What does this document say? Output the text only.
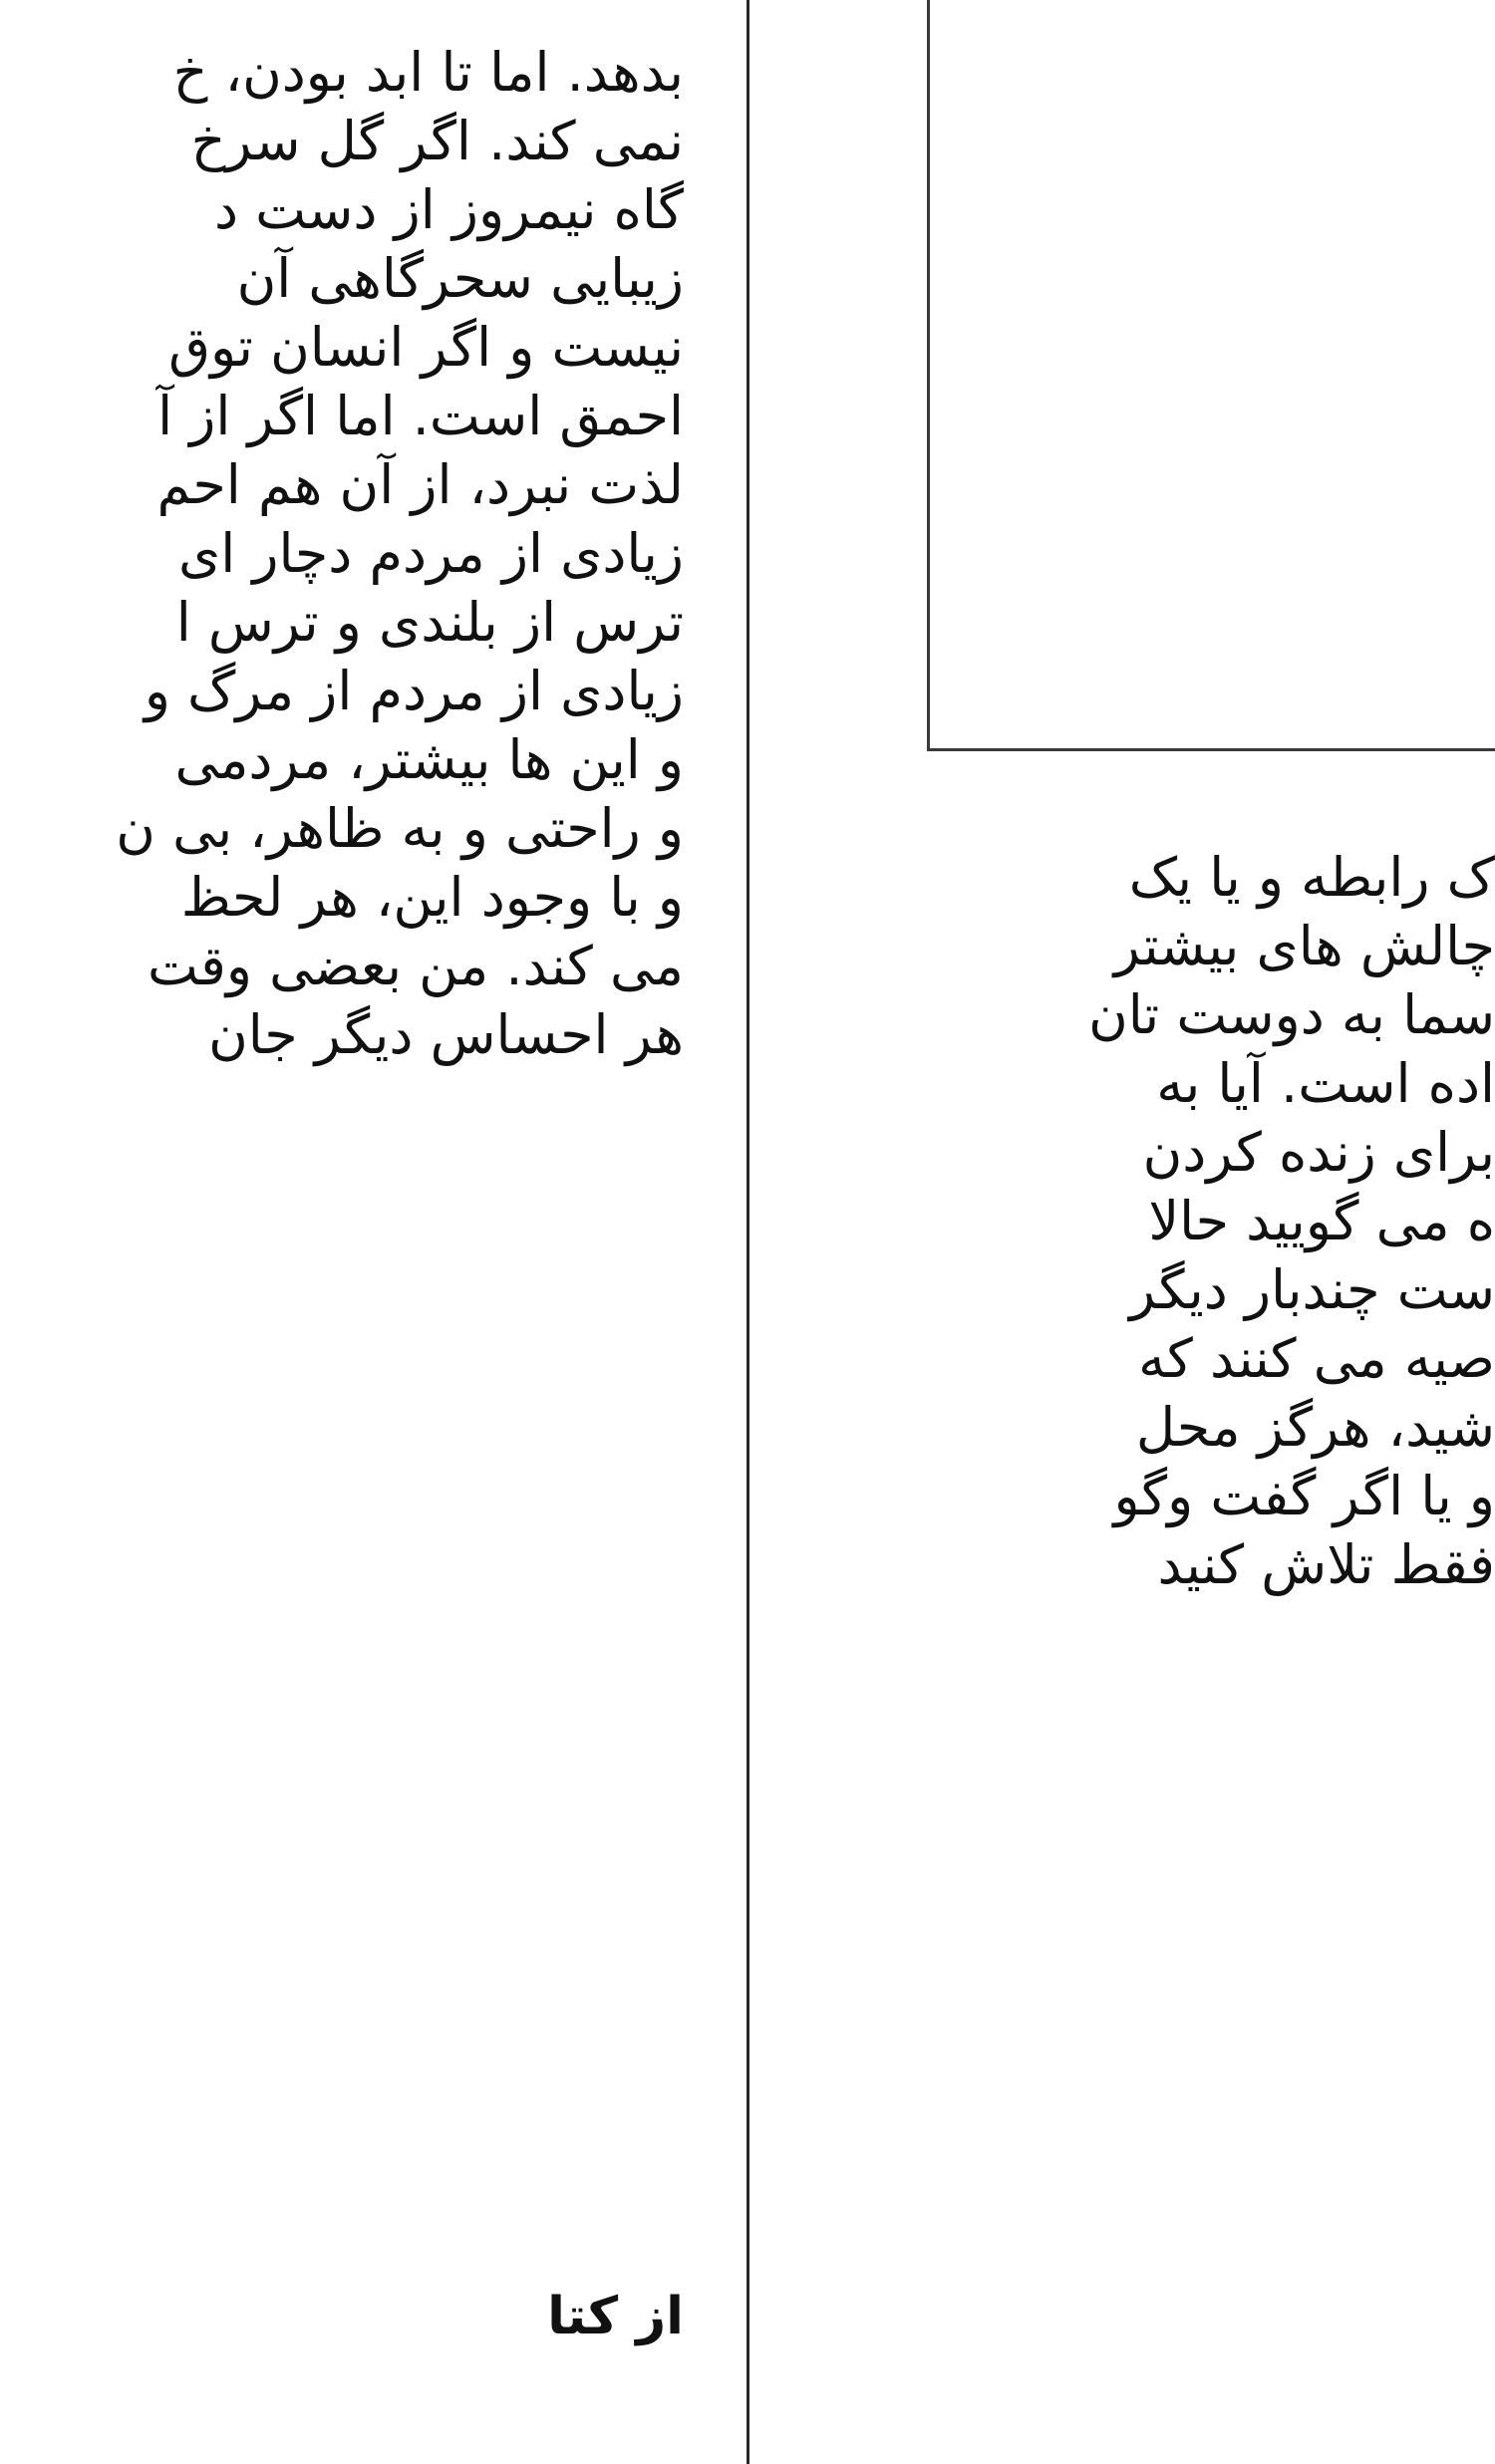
بدهد. اما تا ابد بودن، خ
نمی کند. اگر گل سرخ
گاه نیمروز از دست د
زیبایی سحرگاهی آن
نیست و اگر انسان توق
احمق است. اما اگر از آ
لذت نبرد، از آن هم احم
زیادی از مردم دچار ای
ترس از بلندی و ترس ا
زیادی از مردم از مرگ و
و این ها بیشتر، مردمی
و راحتی و به ظاهر، بی ن
و با وجود این، هر لحظ
می کند. من بعضی وقت
هر احساس دیگر جان
از کتا
ک رابطه و یا یک
چالش های بیشتر
سما به دوست تان
اده است. آیا به
برای زنده کردن
ه می گویید حالا
ست چندبار دیگر
صیه می کنند که
شید، هرگز محل
و یا اگر گفت وگو
فقط تلاش کنید
